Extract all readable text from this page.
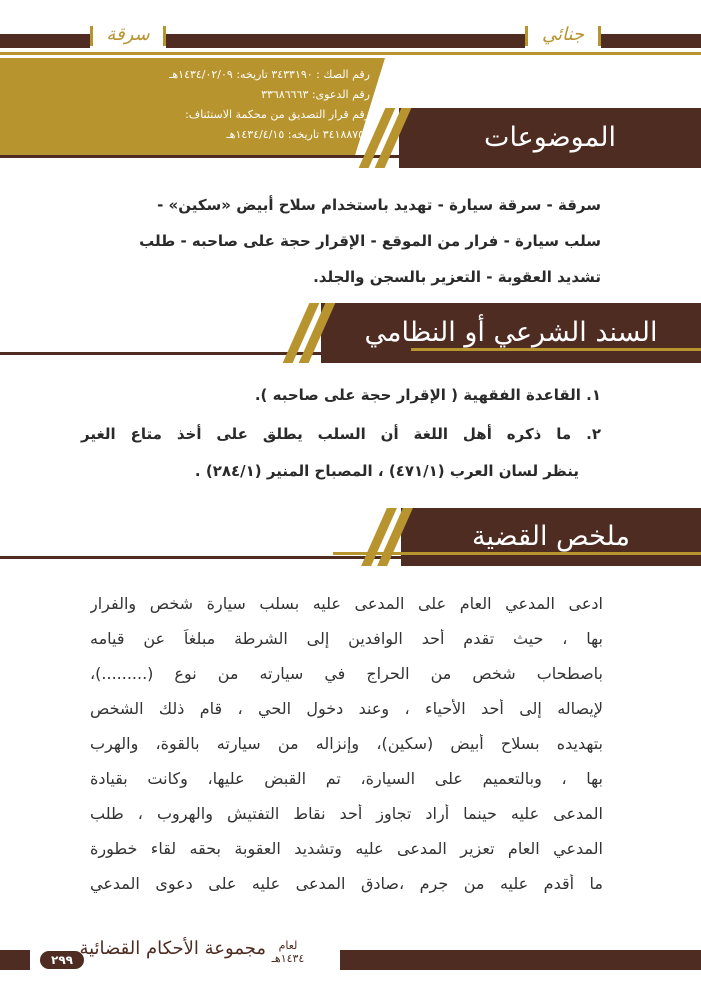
جنائي
سرقة
رقم الصك : ٣٤٣٣١٩٠ تاريخه: ١٤٣٤/٠٢/٠٩هـ
رقم الدعوى: ٣٣٦٨٦٦٦٣
رقم قرار التصديق من محكمة الاستئناف:
٣٤١٨٨٧٥٥ تاريخه: ١٤٣٤/٤/١٥هـ	الموضوعات
سرقة - سرقة سيارة - تهديد باستخدام سلاح أبيض «سكين» -
سلب سيارة - فرار من الموقع - الإقرار حجة على صاحبه - طلب
تشديد العقوبة - التعزير بالسجن والجلد.
السند الشرعي أو النظامي
١. القاعدة الفقهية ( الإقرار حجة على صاحبه ).
٢. ما ذكره أهل اللغة أن السلب يطلق على أخذ متاع الغير
ينظر لسان العرب (٤٧١/١) ، المصباح المنير (٢٨٤/١) .
ملخص القضية
ادعى المدعي العام على المدعى عليه بسلب سيارة شخص والفرار
بها ، حيث تقدم أحد الوافدين إلى الشرطة مبلغاً عن قيامه
باصطحاب شخص من الحراج في سيارته من نوع (.........)،
لإيصاله إلى أحد الأحياء ، وعند دخول الحي ، قام ذلك الشخص
بتهديده بسلاح أبيض (سكين)، وإنزاله من سيارته بالقوة، والهرب
بها ، وبالتعميم على السيارة، تم القبض عليها، وكانت بقيادة
المدعى عليه حينما أراد تجاوز أحد نقاط التفتيش والهروب ، طلب
المدعي العام تعزير المدعى عليه وتشديد العقوبة بحقه لقاء خطورة
ما أقدم عليه من جرم ،صادق المدعى عليه على دعوى المدعي
٢٩٩
مجموعة الأحكام القضائية	لعام
١٤٣٤هـ
